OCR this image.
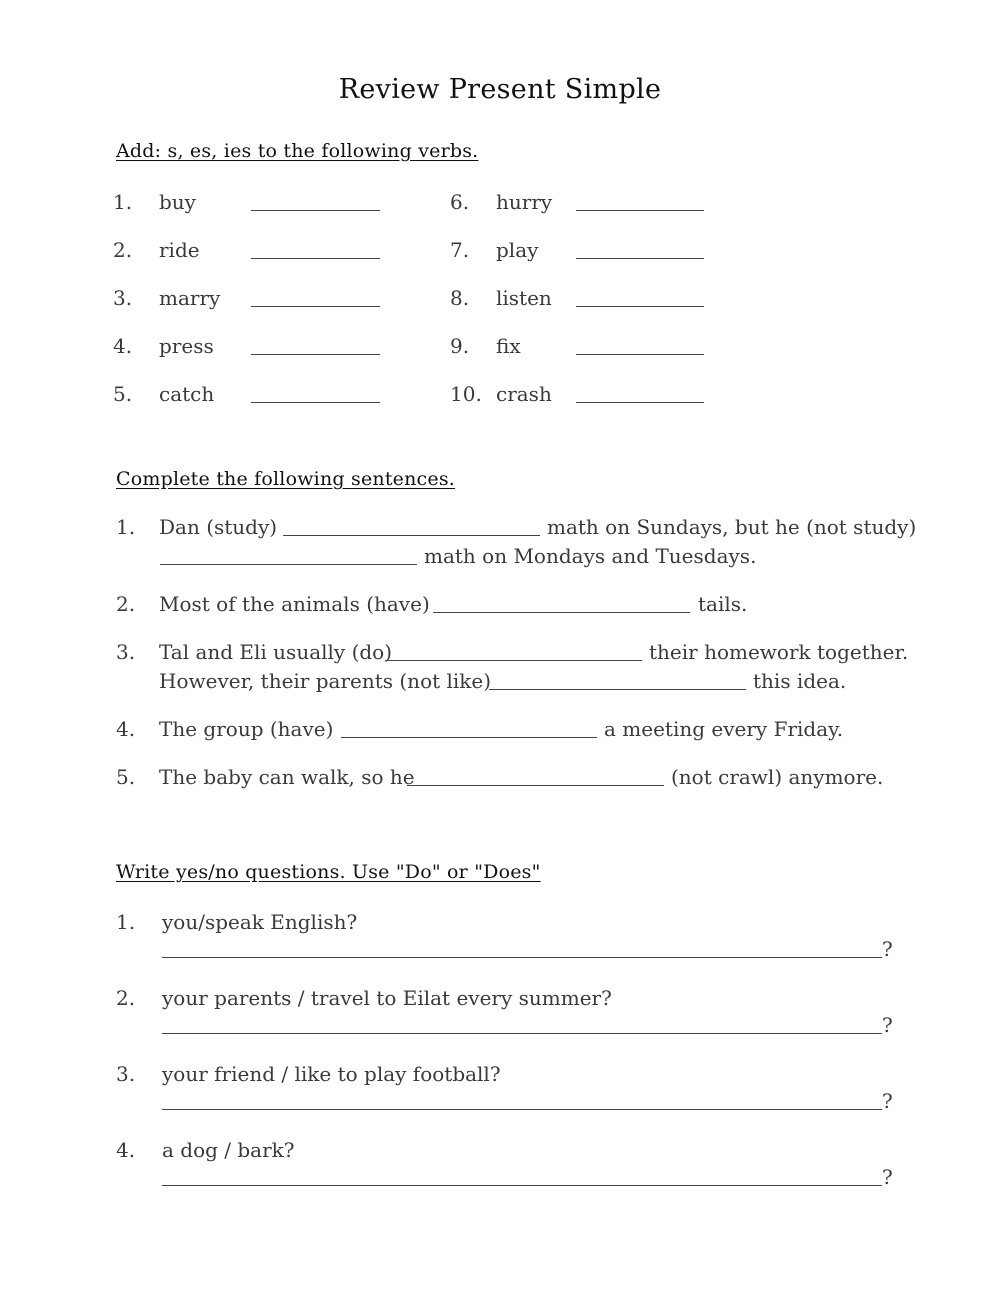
Review Present Simple
Add: s, es, ies to the following verbs.
1. buy
2. ride
3. marry
4. press
5. catch
6. hurry
7. play
8. listen
9. fix
10. crash
Complete the following sentences.
1. Dan (study)	math on Sundays, but he (not study)
math on Mondays and Tuesdays.
2. Most of the animals (have)	tails.
3. Tal and Eli usually (do)	their homework together.
However, their parents (not like)	this idea.
4. The group (have)	a meeting every Friday.
5. The baby can walk, so he	(not crawl) anymore.
Write yes/no questions. Use "Do" or "Does"
1. you/speak English?
?
2. your parents / travel to Eilat every summer?
?
3. your friend / like to play football?
?
4. a dog / bark?
?
